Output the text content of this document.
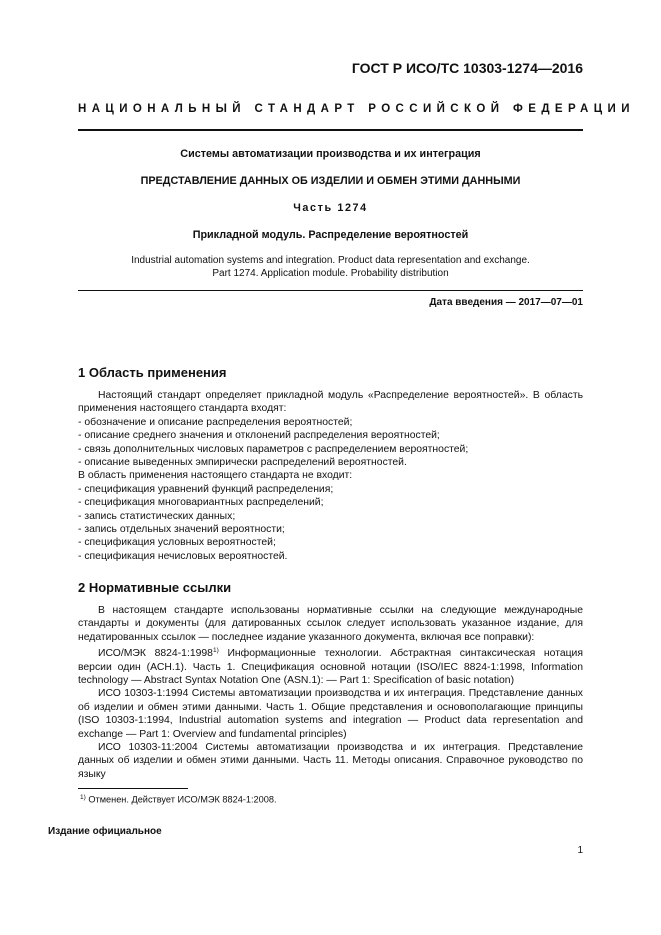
ГОСТ Р ИСО/ТС 10303-1274—2016
НАЦИОНАЛЬНЫЙ СТАНДАРТ РОССИЙСКОЙ ФЕДЕРАЦИИ
Системы автоматизации производства и их интеграция
ПРЕДСТАВЛЕНИЕ ДАННЫХ ОБ ИЗДЕЛИИ И ОБМЕН ЭТИМИ ДАННЫМИ
Часть 1274
Прикладной модуль. Распределение вероятностей
Industrial automation systems and integration. Product data representation and exchange.
Part 1274. Application module. Probability distribution
Дата введения — 2017—07—01
1 Область применения

Настоящий стандарт определяет прикладной модуль «Распределение вероятностей». В область применения настоящего стандарта входят:

- обозначение и описание распределения вероятностей;
- описание среднего значения и отклонений распределения вероятностей;
- связь дополнительных числовых параметров с распределением вероятностей;
- описание выведенных эмпирически распределений вероятностей.

В область применения настоящего стандарта не входит:

- спецификация уравнений функций распределения;
- спецификация многовариантных распределений;
- запись статистических данных;
- запись отдельных значений вероятности;
- спецификация условных вероятностей;
- спецификация нечисловых вероятностей.
2 Нормативные ссылки

В настоящем стандарте использованы нормативные ссылки на следующие международные стандарты и документы (для датированных ссылок следует использовать указанное издание, для недатированных ссылок — последнее издание указанного документа, включая все поправки):

ИСО/МЭК 8824-1:1998$^{1)}$ Информационные технологии. Абстрактная синтаксическая нотация версии один (АСН.1). Часть 1. Спецификация основной нотации (ISO/IEC 8824-1:1998, Information technology — Abstract Syntax Notation One (ASN.1): — Part 1: Specification of basic notation)

ИСО 10303-1:1994 Системы автоматизации производства и их интеграция. Представление данных об изделии и обмен этими данными. Часть 1. Общие представления и основополагающие принципы (ISO 10303-1:1994, Industrial automation systems and integration — Product data representation and exchange — Part 1: Overview and fundamental principles)

ИСО 10303-11:2004 Системы автоматизации производства и их интеграция. Представление данных об изделии и обмен этими данными. Часть 11. Методы описания. Справочное руководство по языку

$^{1)}$ Отменен. Действует ИСО/МЭК 8824-1:2008.
Издание официальное
1
